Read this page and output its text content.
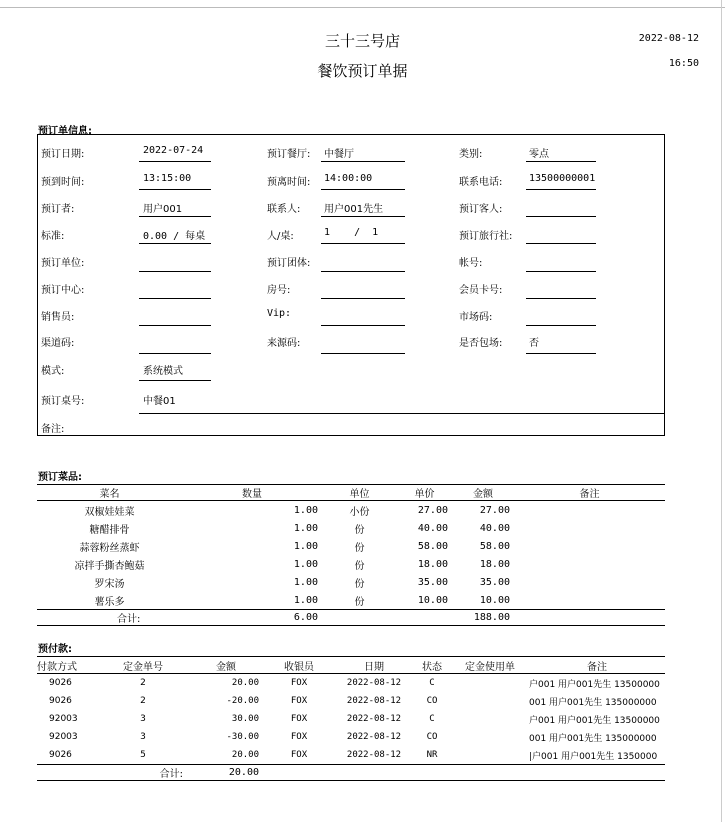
三十三号店
餐饮预订单据
2022-08-12
16:50
预订单信息:
预订日期:	2022-07-24	预订餐厅: 中餐厅	类别:	零点
预到时间:	13:15:00	预离时间: 14:00:00	联系电话:	13500000001
预订者:	用户001	联系人: 用户001先生	预订客人:
标准:	0.00 / 每桌	人/桌:	1    /  1	预订旅行社:
预订单位:	预订团体:	帐号:
预订中心:	房号:	会员卡号:
销售员:	Vip:	市场码:
渠道码:	来源码:	是否包场:	否
模式:	系统模式
预订桌号:	中餐01
备注:
预订菜品:
菜名	数量	单位	单价	金额	备注
双椒娃娃菜	1.00	小份	27.00	27.00	
糖醋排骨	1.00	份	40.00	40.00	
蒜蓉粉丝蒸虾	1.00	份	58.00	58.00	
凉拌手撕杏鲍菇	1.00	份	18.00	18.00	
罗宋汤	1.00	份	35.00	35.00	
薯乐多	1.00	份	10.00	10.00	
合计:	6.00			188.00	
预付款:
付款方式	定金单号	金额	收银员	日期	状态	定金使用单	备注
9026	2	20.00	FOX	2022-08-12	C		户001 用户001先生 13500000
9026	2	-20.00	FOX	2022-08-12	CO		001 用户001先生 135000000
92003	3	30.00	FOX	2022-08-12	C		户001 用户001先生 13500000
92003	3	-30.00	FOX	2022-08-12	CO		001 用户001先生 135000000
9026	5	20.00	FOX	2022-08-12	NR		|户001 用户001先生 1350000
	合计:	20.00					
